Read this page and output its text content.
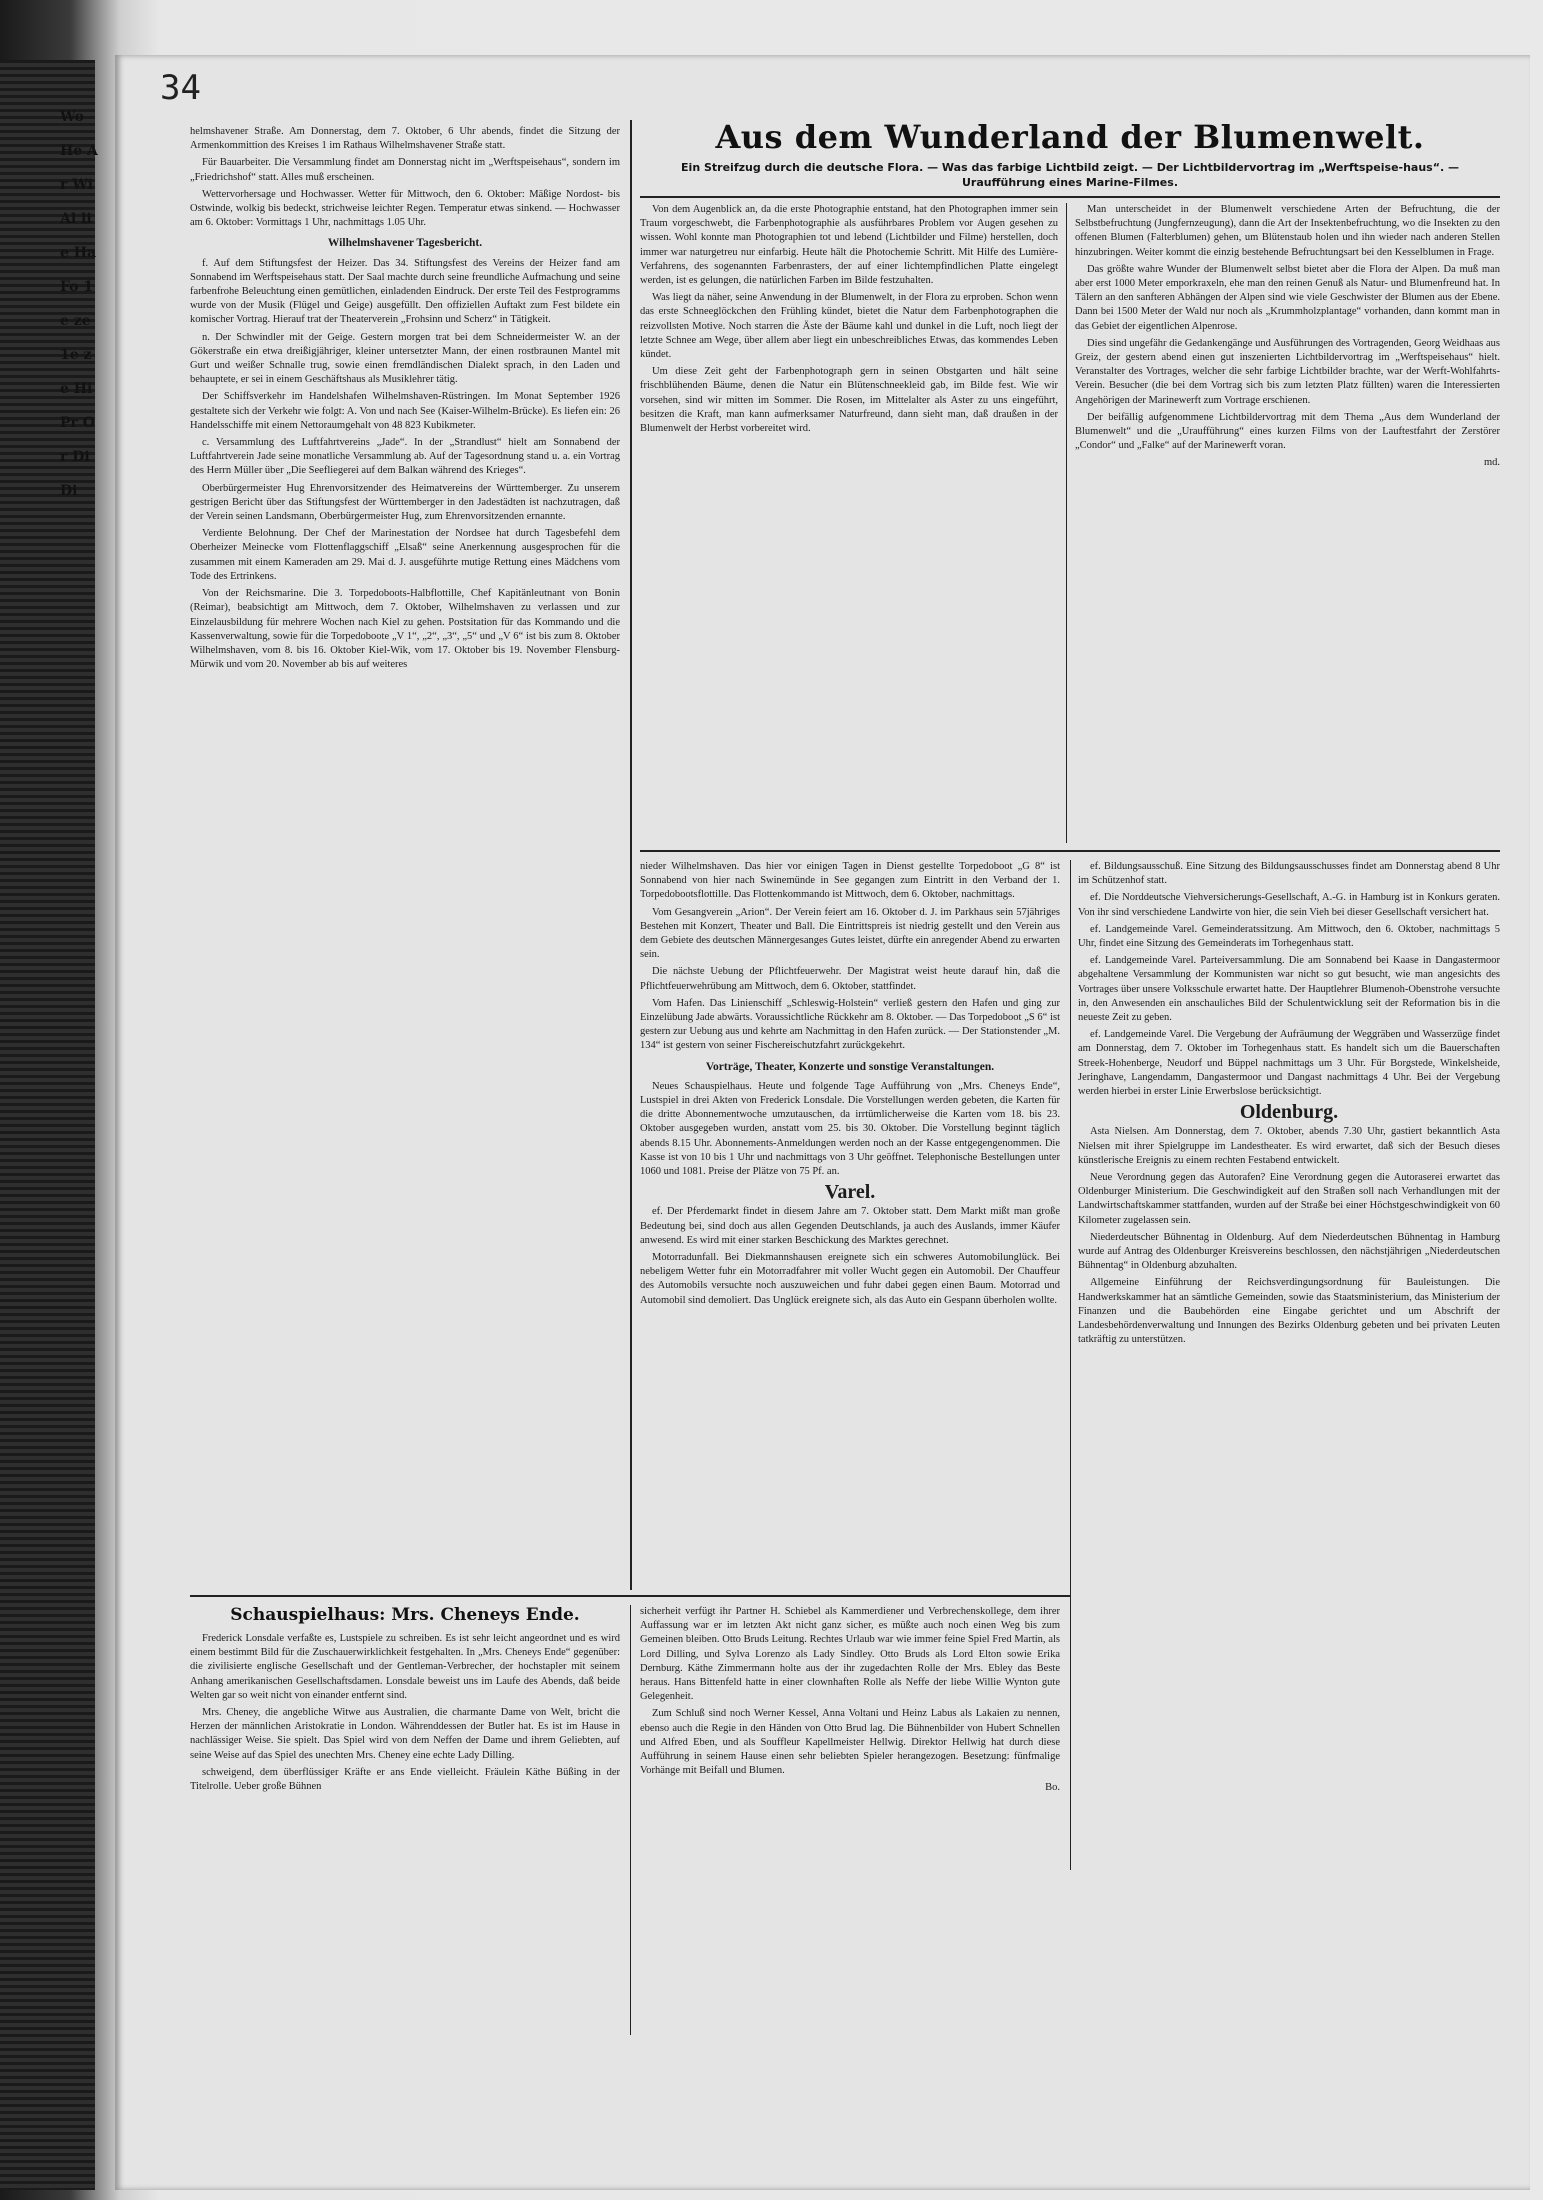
Wo He Ar Wi Al lie Ha Fo 1e ze 1e ze Hi Pr Or Di Di
34

helmshavener Straße. Am Donnerstag, dem 7. Oktober, 6 Uhr abends, findet die Sitzung der Armenkommittion des Kreises 1 im Rathaus Wilhelmshavener Straße statt.

Für Bauarbeiter. Die Versammlung findet am Donnerstag nicht im „Werftspeisehaus“, sondern im „Friedrichshof“ statt. Alles muß erscheinen.

Wettervorhersage und Hochwasser. Wetter für Mittwoch, den 6. Oktober: Mäßige Nordost- bis Ostwinde, wolkig bis bedeckt, strichweise leichter Regen. Temperatur etwas sinkend. — Hochwasser am 6. Oktober: Vormittags 1 Uhr, nachmittags 1.05 Uhr.

Wilhelmshavener Tagesbericht.

f. Auf dem Stiftungsfest der Heizer. Das 34. Stiftungsfest des Vereins der Heizer fand am Sonnabend im Werftspeisehaus statt. Der Saal machte durch seine freundliche Aufmachung und seine farbenfrohe Beleuchtung einen gemütlichen, einladenden Eindruck. Der erste Teil des Festprogramms wurde von der Musik (Flügel und Geige) ausgefüllt. Den offiziellen Auftakt zum Fest bildete ein komischer Vortrag. Hierauf trat der Theaterverein „Frohsinn und Scherz“ in Tätigkeit.

n. Der Schwindler mit der Geige. Gestern morgen trat bei dem Schneidermeister W. an der Gökerstraße ein etwa dreißigjähriger, kleiner untersetzter Mann, der einen rostbraunen Mantel mit Gurt und weißer Schnalle trug, sowie einen fremdländischen Dialekt sprach, in den Laden und behauptete, er sei in einem Geschäftshaus als Musiklehrer tätig.

Der Schiffsverkehr im Handelshafen Wilhelmshaven-Rüstringen. Im Monat September 1926 gestaltete sich der Verkehr wie folgt: A. Von und nach See (Kaiser-Wilhelm-Brücke). Es liefen ein: 26 Handelsschiffe mit einem Nettoraumgehalt von 48 823 Kubikmeter.

c. Versammlung des Luftfahrtvereins „Jade“. In der „Strandlust“ hielt am Sonnabend der Luftfahrtverein Jade seine monatliche Versammlung ab. Auf der Tagesordnung stand u. a. ein Vortrag des Herrn Müller über „Die Seefliegerei auf dem Balkan während des Krieges“.

Oberbürgermeister Hug Ehrenvorsitzender des Heimatvereins der Württemberger. Zu unserem gestrigen Bericht über das Stiftungsfest der Württemberger in den Jadestädten ist nachzutragen, daß der Verein seinen Landsmann, Oberbürgermeister Hug, zum Ehrenvorsitzenden ernannte.

Verdiente Belohnung. Der Chef der Marinestation der Nordsee hat durch Tagesbefehl dem Oberheizer Meinecke vom Flottenflaggschiff „Elsaß“ seine Anerkennung ausgesprochen für die zusammen mit einem Kameraden am 29. Mai d. J. ausgeführte mutige Rettung eines Mädchens vom Tode des Ertrinkens.

Von der Reichsmarine. Die 3. Torpedoboots-Halbflottille, Chef Kapitänleutnant von Bonin (Reimar), beabsichtigt am Mittwoch, dem 7. Oktober, Wilhelmshaven zu verlassen und zur Einzelausbildung für mehrere Wochen nach Kiel zu gehen. Postsitation für das Kommando und die Kassenverwaltung, sowie für die Torpedoboote „V 1“, „2“, „3“, „5“ und „V 6“ ist bis zum 8. Oktober Wilhelmshaven, vom 8. bis 16. Oktober Kiel-Wik, vom 17. Oktober bis 19. November Flensburg-Mürwik und vom 20. November ab bis auf weiteres

Aus dem Wunderland der Blumenwelt.
Ein Streifzug durch die deutsche Flora. — Was das farbige Lichtbild zeigt. — Der Lichtbildervortrag im „Werftspeise-haus“. — Uraufführung eines Marine-Filmes.

Von dem Augenblick an, da die erste Photographie entstand, hat den Photographen immer sein Traum vorgeschwebt, die Farbenphotographie als ausführbares Problem vor Augen gesehen zu wissen. Wohl konnte man Photographien tot und lebend (Lichtbilder und Filme) herstellen, doch immer war naturgetreu nur einfarbig. Heute hält die Photochemie Schritt. Mit Hilfe des Lumière-Verfahrens, des sogenannten Farbenrasters, der auf einer lichtempfindlichen Platte eingelegt werden, ist es gelungen, die natürlichen Farben im Bilde festzuhalten.

Was liegt da näher, seine Anwendung in der Blumenwelt, in der Flora zu erproben. Schon wenn das erste Schneeglöckchen den Frühling kündet, bietet die Natur dem Farbenphotographen die reizvollsten Motive. Noch starren die Äste der Bäume kahl und dunkel in die Luft, noch liegt der letzte Schnee am Wege, über allem aber liegt ein unbeschreibliches Etwas, das kommendes Leben kündet.

Um diese Zeit geht der Farbenphotograph gern in seinen Obstgarten und hält seine frischblühenden Bäume, denen die Natur ein Blütenschneekleid gab, im Bilde fest. Wie wir vorsehen, sind wir mitten im Sommer. Die Rosen, im Mittelalter als Aster zu uns eingeführt, besitzen die Kraft, man kann aufmerksamer Naturfreund, dann sieht man, daß draußen in der Blumenwelt der Herbst vorbereitet wird.

Man unterscheidet in der Blumenwelt verschiedene Arten der Befruchtung, die der Selbstbefruchtung (Jungfernzeugung), dann die Art der Insektenbefruchtung, wo die Insekten zu den offenen Blumen (Falterblumen) gehen, um Blütenstaub holen und ihn wieder nach anderen Stellen hinzubringen. Weiter kommt die einzig bestehende Befruchtungsart bei den Kesselblumen in Frage.

Das größte wahre Wunder der Blumenwelt selbst bietet aber die Flora der Alpen. Da muß man aber erst 1000 Meter emporkraxeln, ehe man den reinen Genuß als Natur- und Blumenfreund hat. In Tälern an den sanfteren Abhängen der Alpen sind wie viele Geschwister der Blumen aus der Ebene. Dann bei 1500 Meter der Wald nur noch als „Krummholzplantage“ vorhanden, dann kommt man in das Gebiet der eigentlichen Alpenrose.

Dies sind ungefähr die Gedankengänge und Ausführungen des Vortragenden, Georg Weidhaas aus Greiz, der gestern abend einen gut inszenierten Lichtbildervortrag im „Werftspeisehaus“ hielt. Veranstalter des Vortrages, welcher die sehr farbige Lichtbilder brachte, war der Werft-Wohlfahrts-Verein. Besucher (die bei dem Vortrag sich bis zum letzten Platz füllten) waren die Interessierten Angehörigen der Marinewerft zum Vortrage erschienen.

Der beifällig aufgenommene Lichtbildervortrag mit dem Thema „Aus dem Wunderland der Blumenwelt“ und die „Uraufführung“ eines kurzen Films von der Lauftestfahrt der Zerstörer „Condor“ und „Falke“ auf der Marinewerft voran.

md.

nieder Wilhelmshaven. Das hier vor einigen Tagen in Dienst gestellte Torpedoboot „G 8“ ist Sonnabend von hier nach Swinemünde in See gegangen zum Eintritt in den Verband der 1. Torpedobootsflottille. Das Flottenkommando ist Mittwoch, dem 6. Oktober, nachmittags.

Vom Gesangverein „Arion“. Der Verein feiert am 16. Oktober d. J. im Parkhaus sein 57jähriges Bestehen mit Konzert, Theater und Ball. Die Eintrittspreis ist niedrig gestellt und den Verein aus dem Gebiete des deutschen Männergesanges Gutes leistet, dürfte ein anregender Abend zu erwarten sein.

Die nächste Uebung der Pflichtfeuerwehr. Der Magistrat weist heute darauf hin, daß die Pflichtfeuerwehrübung am Mittwoch, dem 6. Oktober, stattfindet.

Vom Hafen. Das Linienschiff „Schleswig-Holstein“ verließ gestern den Hafen und ging zur Einzelübung Jade abwärts. Voraussichtliche Rückkehr am 8. Oktober. — Das Torpedoboot „S 6“ ist gestern zur Uebung aus und kehrte am Nachmittag in den Hafen zurück. — Der Stationstender „M. 134“ ist gestern von seiner Fischereischutzfahrt zurückgekehrt.

Vorträge, Theater, Konzerte und sonstige Veranstaltungen.

Neues Schauspielhaus. Heute und folgende Tage Aufführung von „Mrs. Cheneys Ende“, Lustspiel in drei Akten von Frederick Lonsdale. Die Vorstellungen werden gebeten, die Karten für die dritte Abonnementwoche umzutauschen, da irrtümlicherweise die Karten vom 18. bis 23. Oktober ausgegeben wurden, anstatt vom 25. bis 30. Oktober. Die Vorstellung beginnt täglich abends 8.15 Uhr. Abonnements-Anmeldungen werden noch an der Kasse entgegengenommen. Die Kasse ist von 10 bis 1 Uhr und nachmittags von 3 Uhr geöffnet. Telephonische Bestellungen unter 1060 und 1081. Preise der Plätze von 75 Pf. an.

Varel.

ef. Der Pferdemarkt findet in diesem Jahre am 7. Oktober statt. Dem Markt mißt man große Bedeutung bei, sind doch aus allen Gegenden Deutschlands, ja auch des Auslands, immer Käufer anwesend. Es wird mit einer starken Beschickung des Marktes gerechnet.

Motorradunfall. Bei Diekmannshausen ereignete sich ein schweres Automobilunglück. Bei nebeligem Wetter fuhr ein Motorradfahrer mit voller Wucht gegen ein Automobil. Der Chauffeur des Automobils versuchte noch auszuweichen und fuhr dabei gegen einen Baum. Motorrad und Automobil sind demoliert. Das Unglück ereignete sich, als das Auto ein Gespann überholen wollte.

ef. Bildungsausschuß. Eine Sitzung des Bildungsausschusses findet am Donnerstag abend 8 Uhr im Schützenhof statt.

ef. Die Norddeutsche Viehversicherungs-Gesellschaft, A.-G. in Hamburg ist in Konkurs geraten. Von ihr sind verschiedene Landwirte von hier, die sein Vieh bei dieser Gesellschaft versichert hat.

ef. Landgemeinde Varel. Gemeinderatssitzung. Am Mittwoch, den 6. Oktober, nachmittags 5 Uhr, findet eine Sitzung des Gemeinderats im Torhegenhaus statt.

ef. Landgemeinde Varel. Parteiversammlung. Die am Sonnabend bei Kaase in Dangastermoor abgehaltene Versammlung der Kommunisten war nicht so gut besucht, wie man angesichts des Vortrages über unsere Volksschule erwartet hatte. Der Hauptlehrer Blumenoh-Obenstrohe versuchte in, den Anwesenden ein anschauliches Bild der Schulentwicklung seit der Reformation bis in die neueste Zeit zu geben.

ef. Landgemeinde Varel. Die Vergebung der Aufräumung der Weggräben und Wasserzüge findet am Donnerstag, dem 7. Oktober im Torhegenhaus statt. Es handelt sich um die Bauerschaften Streek-Hohenberge, Neudorf und Büppel nachmittags um 3 Uhr. Für Borgstede, Winkelsheide, Jeringhave, Langendamm, Dangastermoor und Dangast nachmittags 4 Uhr. Bei der Vergebung werden hierbei in erster Linie Erwerbslose berücksichtigt.

Oldenburg.

Asta Nielsen. Am Donnerstag, dem 7. Oktober, abends 7.30 Uhr, gastiert bekanntlich Asta Nielsen mit ihrer Spielgruppe im Landestheater. Es wird erwartet, daß sich der Besuch dieses künstlerische Ereignis zu einem rechten Festabend entwickelt.

Neue Verordnung gegen das Autorafen? Eine Verordnung gegen die Autoraserei erwartet das Oldenburger Ministerium. Die Geschwindigkeit auf den Straßen soll nach Verhandlungen mit der Landwirtschaftskammer stattfanden, wurden auf der Straße bei einer Höchstgeschwindigkeit von 60 Kilometer zugelassen sein.

Niederdeutscher Bühnentag in Oldenburg. Auf dem Niederdeutschen Bühnentag in Hamburg wurde auf Antrag des Oldenburger Kreisvereins beschlossen, den nächstjährigen „Niederdeutschen Bühnentag“ in Oldenburg abzuhalten.

Allgemeine Einführung der Reichsverdingungsordnung für Bauleistungen. Die Handwerkskammer hat an sämtliche Gemeinden, sowie das Staatsministerium, das Ministerium der Finanzen und die Baubehörden eine Eingabe gerichtet und um Abschrift der Landesbehördenverwaltung und Innungen des Bezirks Oldenburg gebeten und bei privaten Leuten tatkräftig zu unterstützen.

Schauspielhaus: Mrs. Cheneys Ende.

Frederick Lonsdale verfaßte es, Lustspiele zu schreiben. Es ist sehr leicht angeordnet und es wird einem bestimmt Bild für die Zuschauerwirklichkeit festgehalten. In „Mrs. Cheneys Ende“ gegenüber: die zivilisierte englische Gesellschaft und der Gentleman-Verbrecher, der hochstapler mit seinem Anhang amerikanischen Gesellschaftsdamen. Lonsdale beweist uns im Laufe des Abends, daß beide Welten gar so weit nicht von einander entfernt sind.

Mrs. Cheney, die angebliche Witwe aus Australien, die charmante Dame von Welt, bricht die Herzen der männlichen Aristokratie in London. Währenddessen der Butler hat. Es ist im Hause in nachlässiger Weise. Sie spielt. Das Spiel wird von dem Neffen der Dame und ihrem Geliebten, auf seine Weise auf das Spiel des unechten Mrs. Cheney eine echte Lady Dilling.

schweigend, dem überflüssiger Kräfte er ans Ende vielleicht. Fräulein Käthe Büßing in der Titelrolle. Ueber große Bühnen

sicherheit verfügt ihr Partner H. Schiebel als Kammerdiener und Verbrechenskollege, dem ihrer Auffassung war er im letzten Akt nicht ganz sicher, es müßte auch noch einen Weg bis zum Gemeinen bleiben. Otto Bruds Leitung. Rechtes Urlaub war wie immer feine Spiel Fred Martin, als Lord Dilling, und Sylva Lorenzo als Lady Sindley. Otto Bruds als Lord Elton sowie Erika Dernburg. Käthe Zimmermann holte aus der ihr zugedachten Rolle der Mrs. Ebley das Beste heraus. Hans Bittenfeld hatte in einer clownhaften Rolle als Neffe der liebe Willie Wynton gute Gelegenheit.

Zum Schluß sind noch Werner Kessel, Anna Voltani und Heinz Labus als Lakaien zu nennen, ebenso auch die Regie in den Händen von Otto Brud lag. Die Bühnenbilder von Hubert Schnellen und Alfred Eben, und als Souffleur Kapellmeister Hellwig. Direktor Hellwig hat durch diese Aufführung in seinem Hause einen sehr beliebten Spieler herangezogen. Besetzung: fünfmalige Vorhänge mit Beifall und Blumen.

Bo.
